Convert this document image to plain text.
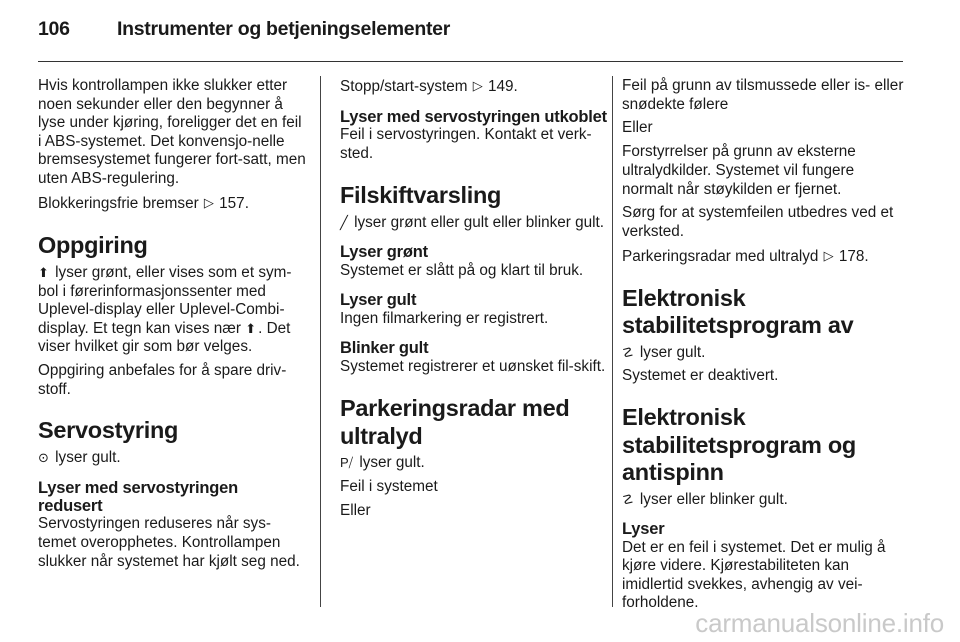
106 Instrumenter og betjeningselementer

Hvis kontrollampen ikke slukker etter noen sekunder eller den begynner å lyse under kjøring, foreligger det en feil i ABS-systemet. Det konvensjo-nelle bremsesystemet fungerer fort-satt, men uten ABS-regulering.

Blokkeringsfrie bremser ▷ 157.

Oppgiring

⬆ lyser grønt, eller vises som et sym-bol i førerinformasjonssenter med Uplevel-display eller Uplevel-Combi-display. Et tegn kan vises nær ⬆ . Det viser hvilket gir som bør velges.

Oppgiring anbefales for å spare driv-stoff.

Servostyring

⊙ lyser gult.

Lyser med servostyringen redusert

Servostyringen reduseres når sys-temet overopphetes. Kontrollampen slukker når systemet har kjølt seg ned.

Stopp/start-system ▷ 149.

Lyser med servostyringen utkoblet

Feil i servostyringen. Kontakt et verk-sted.

Filskiftvarsling

╱ lyser grønt eller gult eller blinker gult.

Lyser grønt

Systemet er slått på og klart til bruk.

Lyser gult

Ingen filmarkering er registrert.

Blinker gult

Systemet registrerer et uønsket fil-skift.

Parkeringsradar med ultralyd

P⧸ lyser gult.

Feil i systemet

Eller

Feil på grunn av tilsmussede eller is- eller snødekte følere

Eller

Forstyrrelser på grunn av eksterne ultralydkilder. Systemet vil fungere normalt når støykilden er fjernet.

Sørg for at systemfeilen utbedres ved et verksted.

Parkeringsradar med ultralyd ▷ 178.

Elektronisk stabilitetsprogram av

☡ lyser gult.

Systemet er deaktivert.

Elektronisk stabilitetsprogram og antispinn

☡ lyser eller blinker gult.

Lyser

Det er en feil i systemet. Det er mulig å kjøre videre. Kjørestabiliteten kan imidlertid svekkes, avhengig av vei-forholdene.

carmanualsonline.info
